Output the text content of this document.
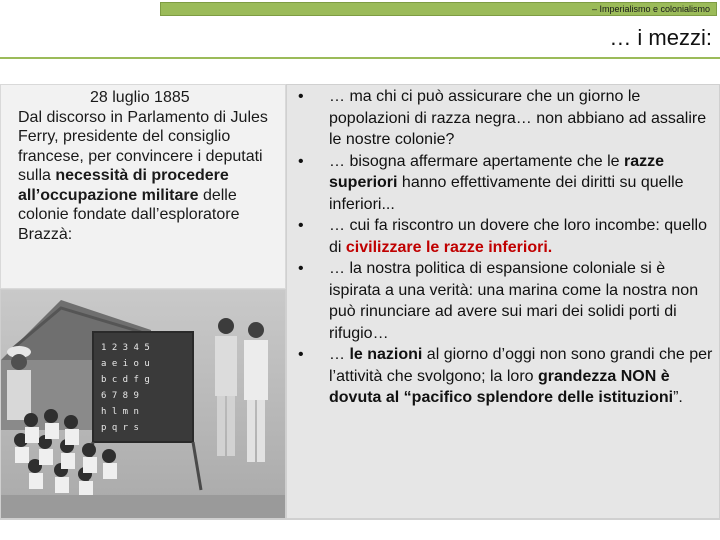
– Imperialismo e colonialismo
… i mezzi:
28 luglio 1885
Dal discorso in Parlamento di Jules Ferry, presidente del consiglio francese, per convincere i deputati sulla necessità di procedere all’occupazione militare delle colonie fondate dall’esploratore Brazzà:
1 2 3 4 5
a e i o u
b c d f g
6 7 8 9
h l m n
p q r s
• … ma chi ci può assicurare che un giorno le popolazioni di razza negra… non abbiano ad assalire le nostre colonie?
• … bisogna affermare apertamente che le razze superiori hanno effettivamente dei diritti su quelle inferiori...
• … cui fa riscontro un dovere che loro incombe: quello di civilizzare le razze inferiori.
• … la nostra politica di espansione coloniale si è ispirata a una verità: una marina come la nostra non può rinunciare ad avere sui mari dei solidi porti di rifugio…
• … le nazioni al giorno d’oggi non sono grandi che per l’attività che svolgono; la loro grandezza NON è dovuta al “pacifico splendore delle istituzioni”.
